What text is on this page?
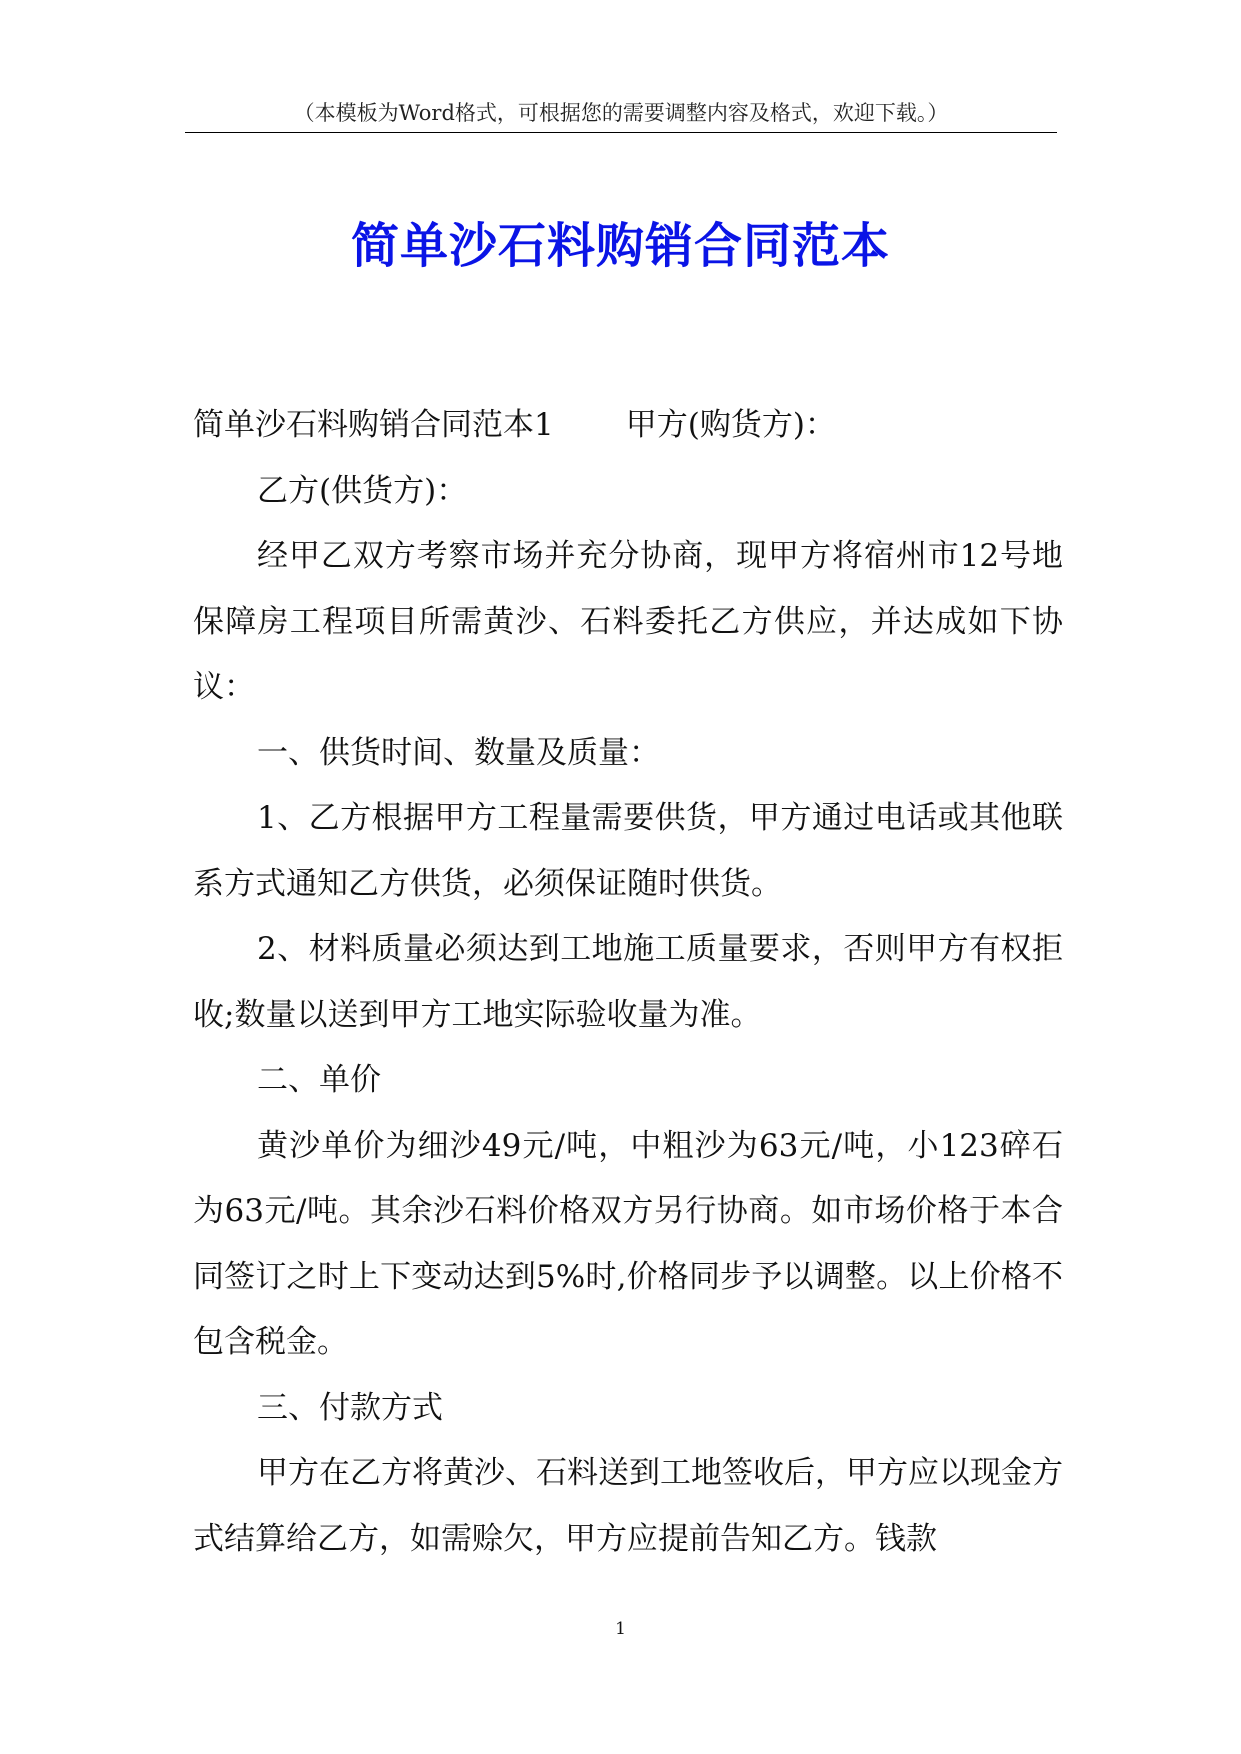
（本模板为Word格式，可根据您的需要调整内容及格式，欢迎下载。）
简单沙石料购销合同范本

简单沙石料购销合同范本1 甲方(购货方)：

乙方(供货方)：

经甲乙双方考察市场并充分协商，现甲方将宿州市12号地保障房工程项目所需黄沙、石料委托乙方供应，并达成如下协议：

一、供货时间、数量及质量：

1、乙方根据甲方工程量需要供货，甲方通过电话或其他联系方式通知乙方供货，必须保证随时供货。

2、材料质量必须达到工地施工质量要求，否则甲方有权拒收;数量以送到甲方工地实际验收量为准。

二、单价

黄沙单价为细沙49元/吨，中粗沙为63元/吨，小123碎石为63元/吨。其余沙石料价格双方另行协商。如市场价格于本合同签订之时上下变动达到5%时,价格同步予以调整。以上价格不包含税金。

三、付款方式

甲方在乙方将黄沙、石料送到工地签收后，甲方应以现金方式结算给乙方，如需赊欠，甲方应提前告知乙方。钱款

1
